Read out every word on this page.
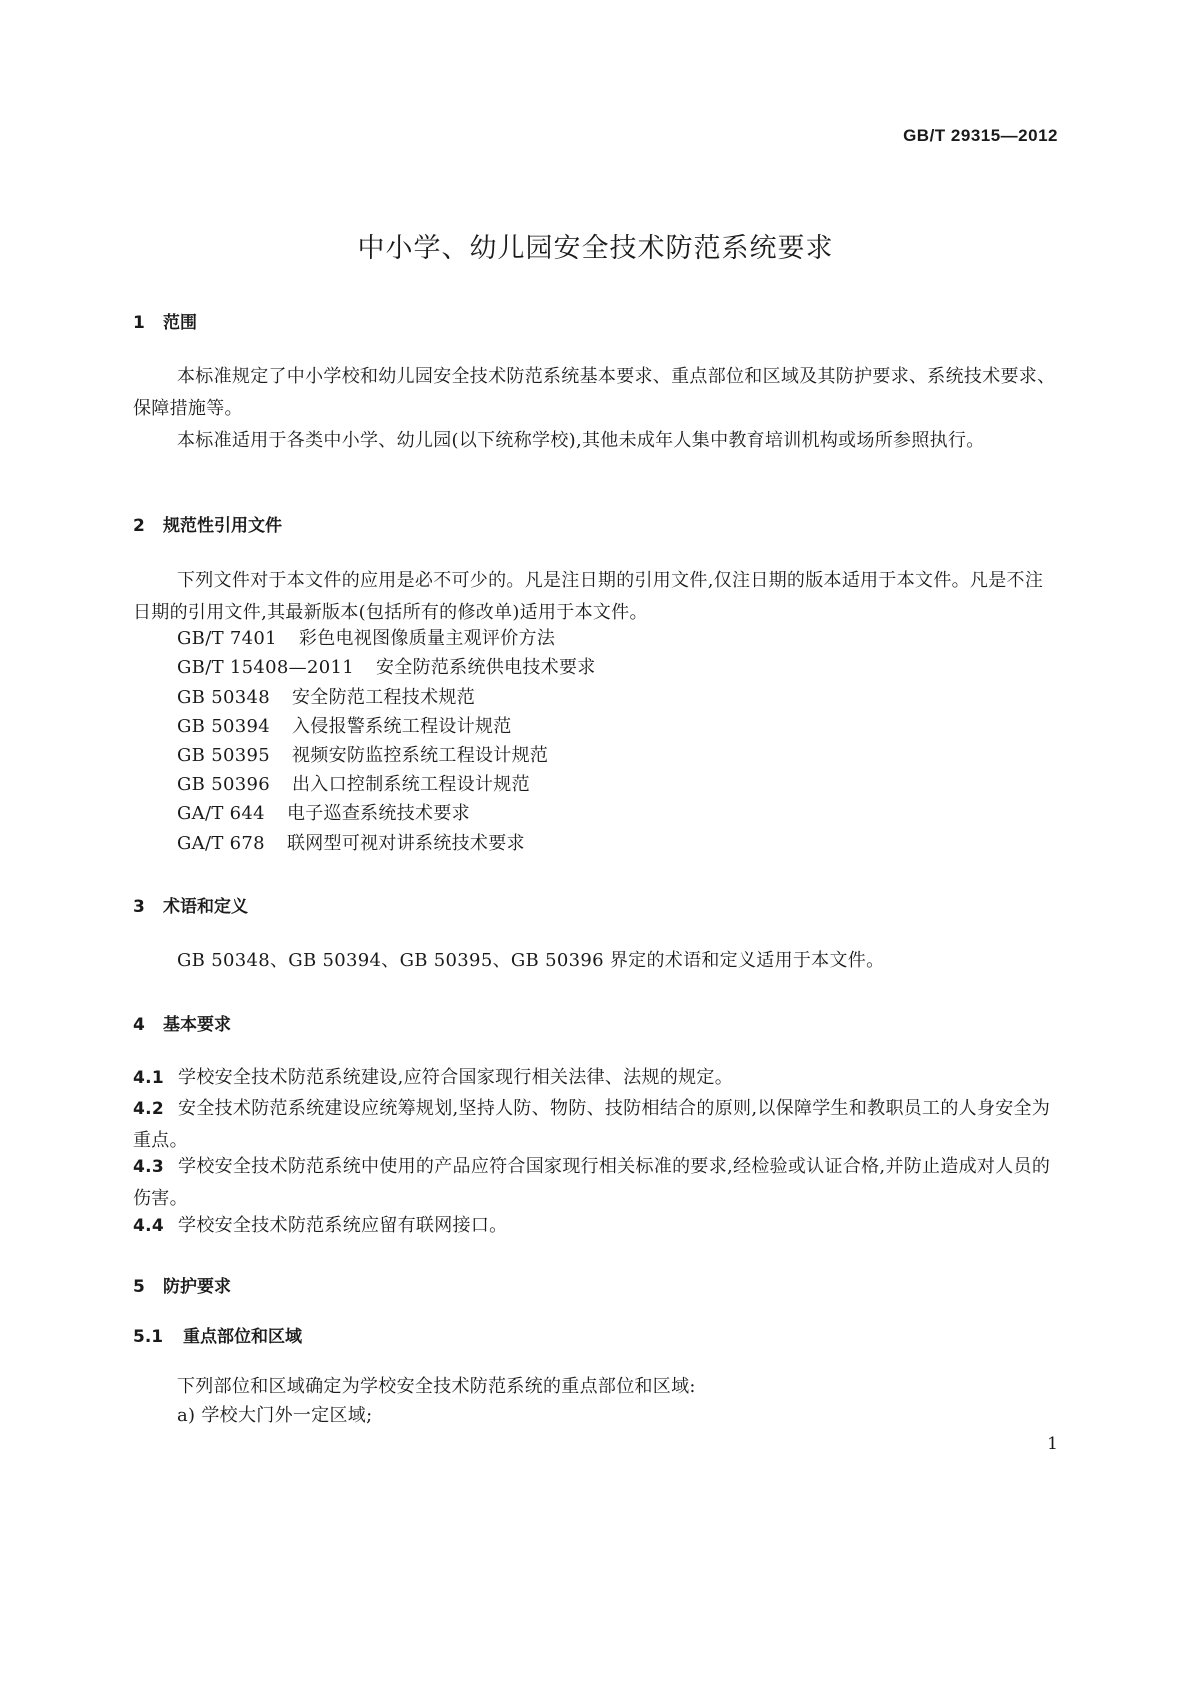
GB/T 29315—2012
中小学、幼儿园安全技术防范系统要求
1 范围
本标准规定了中小学校和幼儿园安全技术防范系统基本要求、重点部位和区域及其防护要求、系统技术要求、保障措施等。
本标准适用于各类中小学、幼儿园(以下统称学校),其他未成年人集中教育培训机构或场所参照执行。
2 规范性引用文件
下列文件对于本文件的应用是必不可少的。凡是注日期的引用文件,仅注日期的版本适用于本文件。凡是不注日期的引用文件,其最新版本(包括所有的修改单)适用于本文件。
GB/T 7401 彩色电视图像质量主观评价方法
GB/T 15408—2011 安全防范系统供电技术要求
GB 50348 安全防范工程技术规范
GB 50394 入侵报警系统工程设计规范
GB 50395 视频安防监控系统工程设计规范
GB 50396 出入口控制系统工程设计规范
GA/T 644 电子巡查系统技术要求
GA/T 678 联网型可视对讲系统技术要求
3 术语和定义
GB 50348、GB 50394、GB 50395、GB 50396 界定的术语和定义适用于本文件。
4 基本要求
4.1 学校安全技术防范系统建设,应符合国家现行相关法律、法规的规定。
4.2 安全技术防范系统建设应统筹规划,坚持人防、物防、技防相结合的原则,以保障学生和教职员工的人身安全为重点。
4.3 学校安全技术防范系统中使用的产品应符合国家现行相关标准的要求,经检验或认证合格,并防止造成对人员的伤害。
4.4 学校安全技术防范系统应留有联网接口。
5 防护要求
5.1 重点部位和区域
下列部位和区域确定为学校安全技术防范系统的重点部位和区域:
a) 学校大门外一定区域;
1
